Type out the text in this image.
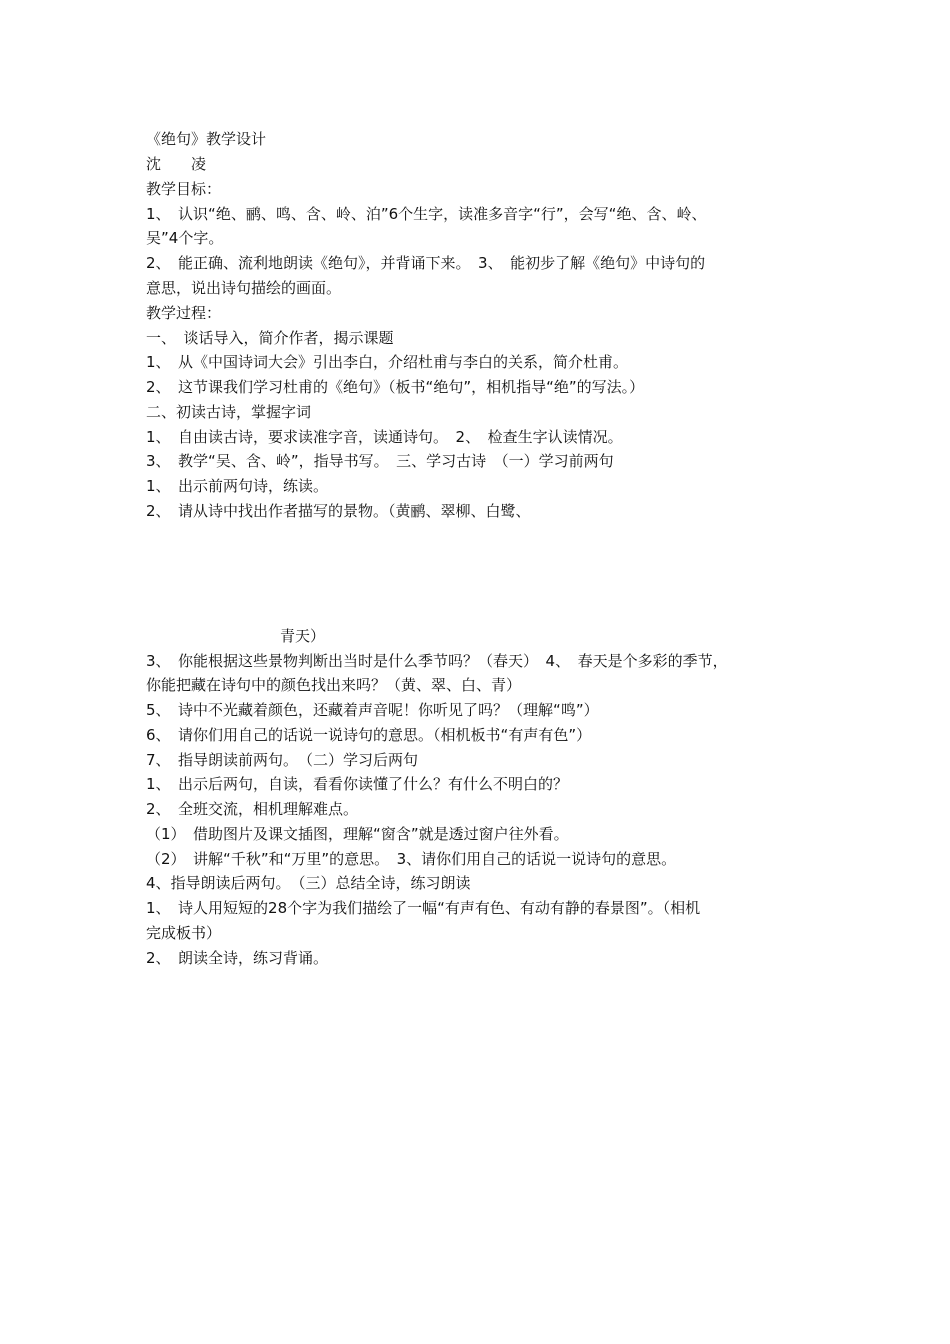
《绝句》教学设计
沈　　凌
教学目标：
1、　认识“绝、鹂、鸣、含、岭、泊”6个生字，读准多音字“行”，会写“绝、含、岭、
吴”4个字。
2、　能正确、流利地朗读《绝句》，并背诵下来。　3、　能初步了解《绝句》中诗句的
意思，说出诗句描绘的画面。
教学过程：
一、　谈话导入，简介作者，揭示课题
1、　从《中国诗词大会》引出李白，介绍杜甫与李白的关系，简介杜甫。
2、　这节课我们学习杜甫的《绝句》（板书“绝句”，相机指导“绝”的写法。）
二、初读古诗，掌握字词
1、　自由读古诗，要求读准字音，读通诗句。　2、　检查生字认读情况。
3、　教学“吴、含、岭”，指导书写。　三、学习古诗　（一）学习前两句
1、　出示前两句诗，练读。
2、　请从诗中找出作者描写的景物。（黄鹂、翠柳、白鹭、
青天）
3、　你能根据这些景物判断出当时是什么季节吗？（春天）　4、　春天是个多彩的季节，
你能把藏在诗句中的颜色找出来吗？（黄、翠、白、青）
5、　诗中不光藏着颜色，还藏着声音呢！你听见了吗？（理解“鸣”）
6、　请你们用自己的话说一说诗句的意思。（相机板书“有声有色”）
7、　指导朗读前两句。　（二）学习后两句
1、　出示后两句，自读，看看你读懂了什么？有什么不明白的？
2、　全班交流，相机理解难点。
（1）　借助图片及课文插图，理解“窗含”就是透过窗户往外看。
（2）　讲解“千秋”和“万里”的意思。　3、请你们用自己的话说一说诗句的意思。
4、指导朗读后两句。　（三）总结全诗，练习朗读
1、　诗人用短短的28个字为我们描绘了一幅“有声有色、有动有静的春景图”。（相机
完成板书）
2、　朗读全诗，练习背诵。
